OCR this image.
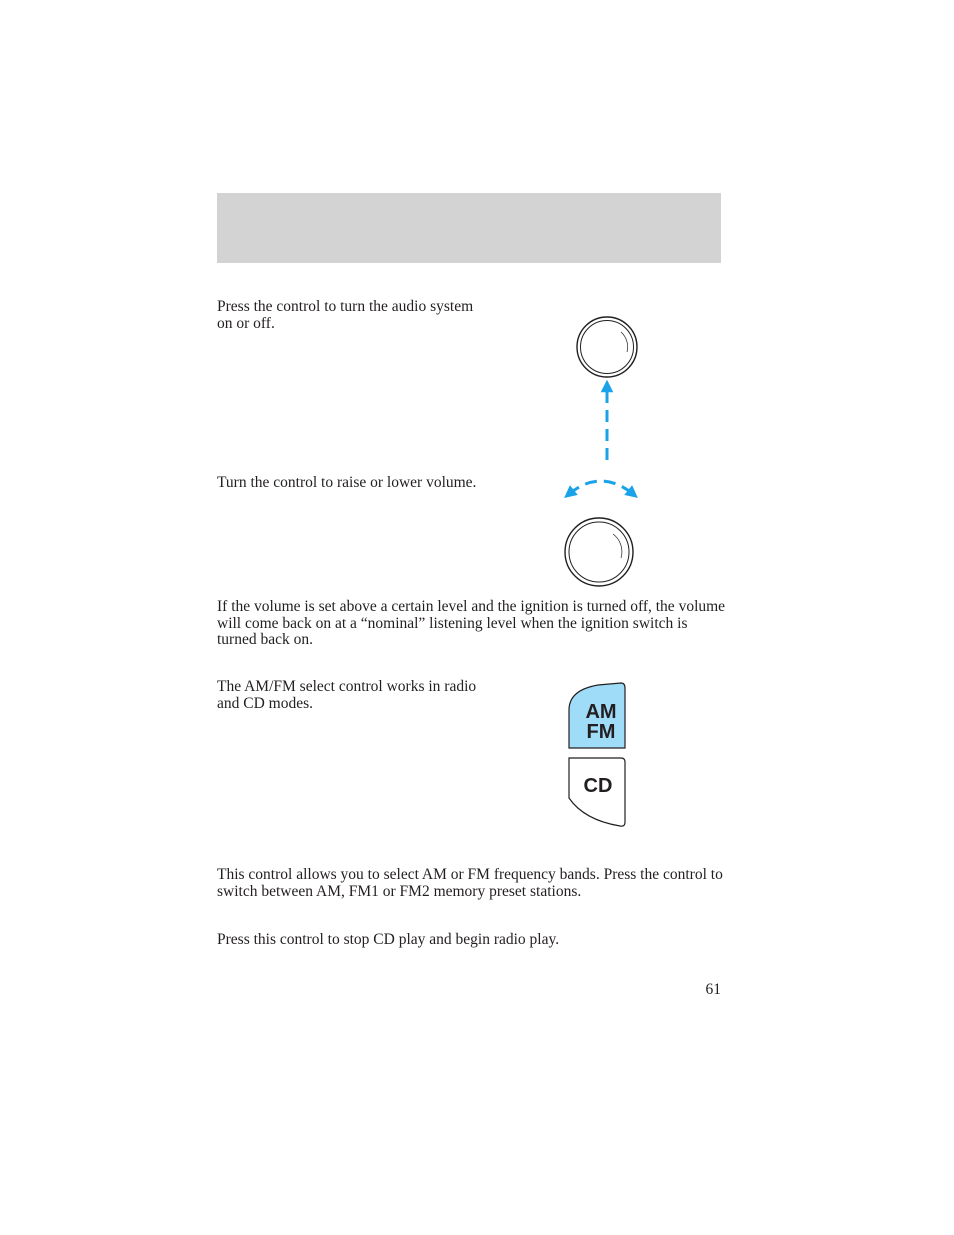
Press the control to turn the audio system on or off.

Turn the control to raise or lower volume.

If the volume is set above a certain level and the ignition is turned off, the volume will come back on at a “nominal” listening level when the ignition switch is turned back on.

The AM/FM select control works in radio and CD modes.

This control allows you to select AM or FM frequency bands. Press the control to switch between AM, FM1 or FM2 memory preset stations.

Press this control to stop CD play and begin radio play.

AM
FM
CD
61
